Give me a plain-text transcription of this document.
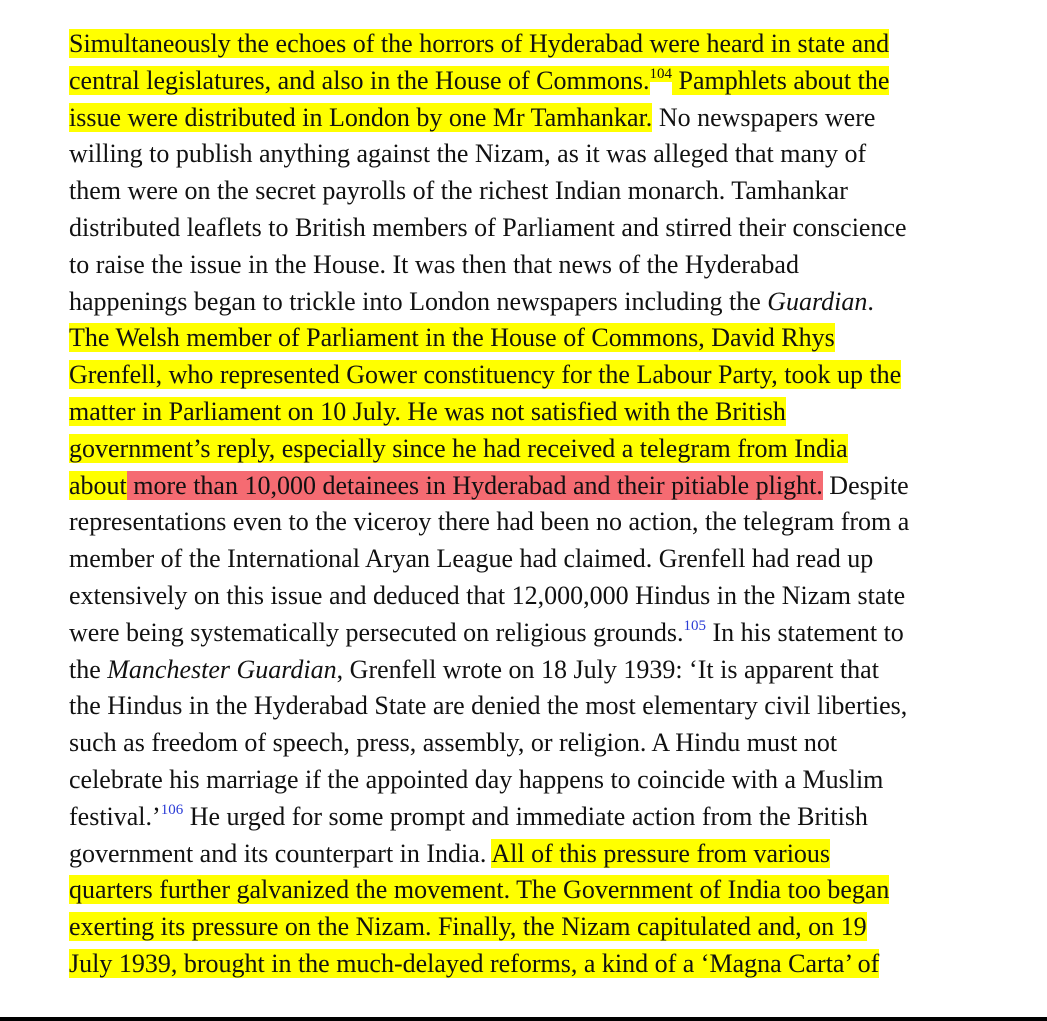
Simultaneously the echoes of the horrors of Hyderabad were heard in state and
central legislatures, and also in the House of Commons.$^{104}$ Pamphlets about the
issue were distributed in London by one Mr Tamhankar. No newspapers were
willing to publish anything against the Nizam, as it was alleged that many of
them were on the secret payrolls of the richest Indian monarch. Tamhankar
distributed leaflets to British members of Parliament and stirred their conscience
to raise the issue in the House. It was then that news of the Hyderabad
happenings began to trickle into London newspapers including the Guardian.
The Welsh member of Parliament in the House of Commons, David Rhys
Grenfell, who represented Gower constituency for the Labour Party, took up the
matter in Parliament on 10 July. He was not satisfied with the British
government’s reply, especially since he had received a telegram from India
about more than 10,000 detainees in Hyderabad and their pitiable plight. Despite
representations even to the viceroy there had been no action, the telegram from a
member of the International Aryan League had claimed. Grenfell had read up
extensively on this issue and deduced that 12,000,000 Hindus in the Nizam state
were being systematically persecuted on religious grounds.$^{105}$ In his statement to
the Manchester Guardian, Grenfell wrote on 18 July 1939: ‘It is apparent that
the Hindus in the Hyderabad State are denied the most elementary civil liberties,
such as freedom of speech, press, assembly, or religion. A Hindu must not
celebrate his marriage if the appointed day happens to coincide with a Muslim
festival.’$^{106}$ He urged for some prompt and immediate action from the British
government and its counterpart in India. All of this pressure from various
quarters further galvanized the movement. The Government of India too began
exerting its pressure on the Nizam. Finally, the Nizam capitulated and, on 19
July 1939, brought in the much-delayed reforms, a kind of a ‘Magna Carta’ of
